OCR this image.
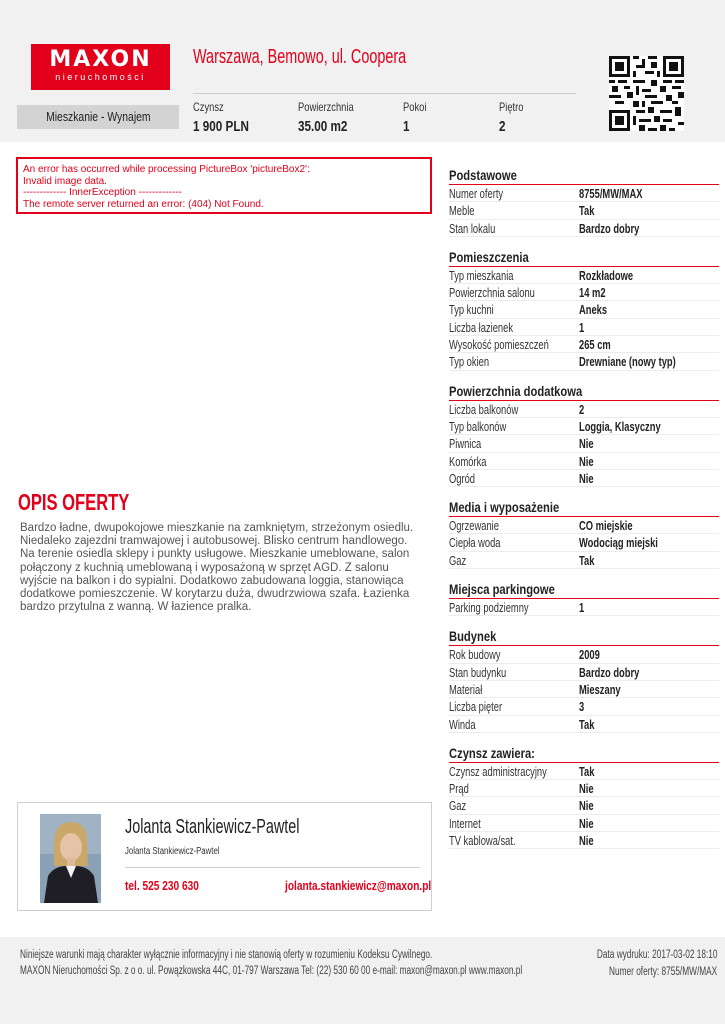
MAXON
nieruchomości
Warszawa, Bemowo, ul. Coopera
Mieszkanie - Wynajem
Czynsz
1 900 PLN
Powierzchnia
35.00 m2
Pokoi
1
Piętro
2
An error has occurred while processing PictureBox 'pictureBox2':
Invalid image data.
------------- InnerException -------------
The remote server returned an error: (404) Not Found.
OPIS OFERTY
Bardzo ładne, dwupokojowe mieszkanie na zamkniętym, strzeżonym osiedlu. Niedaleko zajezdni tramwajowej i autobusowej. Blisko centrum handlowego. Na terenie osiedla sklepy i punkty usługowe. Mieszkanie umeblowane, salon połączony z kuchnią umeblowaną i wyposażoną w sprzęt AGD. Z salonu wyjście na balkon i do sypialni. Dodatkowo zabudowana loggia, stanowiąca dodatkowe pomieszczenie. W korytarzu duża, dwudrzwiowa szafa. Łazienka bardzo przytulna z wanną. W łazience pralka.
Jolanta Stankiewicz-Pawtel
Jolanta Stankiewicz-Pawtel
tel. 525 230 630	jolanta.stankiewicz@maxon.pl
Podstawowe
Numer oferty	8755/MW/MAX
Meble	Tak
Stan lokalu	Bardzo dobry
Pomieszczenia
Typ mieszkania	Rozkładowe
Powierzchnia salonu	14 m2
Typ kuchni	Aneks
Liczba łazienek	1
Wysokość pomieszczeń	265 cm
Typ okien	Drewniane (nowy typ)
Powierzchnia dodatkowa
Liczba balkonów	2
Typ balkonów	Loggia, Klasyczny
Piwnica	Nie
Komórka	Nie
Ogród	Nie
Media i wyposażenie
Ogrzewanie	CO miejskie
Ciepła woda	Wodociąg miejski
Gaz	Tak
Miejsca parkingowe
Parking podziemny	1
Budynek
Rok budowy	2009
Stan budynku	Bardzo dobry
Materiał	Mieszany
Liczba pięter	3
Winda	Tak
Czynsz zawiera:
Czynsz administracyjny	Tak
Prąd	Nie
Gaz	Nie
Internet	Nie
TV kablowa/sat.	Nie
Niniejsze warunki mają charakter wyłącznie informacyjny i nie stanowią oferty w rozumieniu Kodeksu Cywilnego.
MAXON Nieruchomości Sp. z o o. ul. Powązkowska 44C, 01-797 Warszawa Tel: (22) 530 60 00 e-mail: maxon@maxon.pl www.maxon.pl
Data wydruku: 2017-03-02 18:10
Numer oferty: 8755/MW/MAX
